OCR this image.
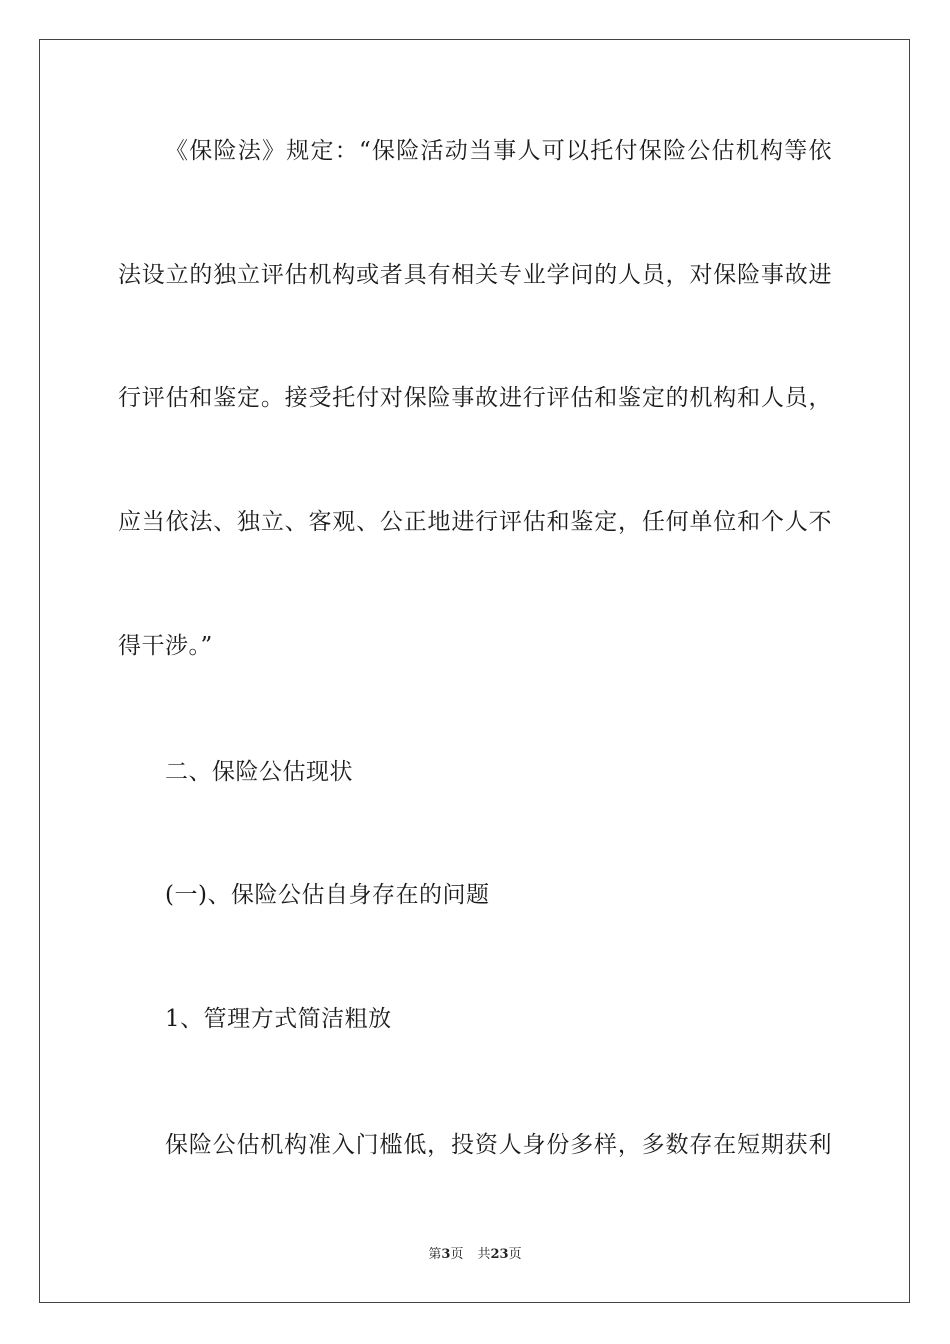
《保险法》规定：“保险活动当事人可以托付保险公估机构等依
法设立的独立评估机构或者具有相关专业学问的人员，对保险事故进
行评估和鉴定。接受托付对保险事故进行评估和鉴定的机构和人员，
应当依法、独立、客观、公正地进行评估和鉴定，任何单位和个人不
得干涉。”
二、保险公估现状
(一)、保险公估自身存在的问题
1、管理方式简洁粗放
保险公估机构准入门槛低，投资人身份多样，多数存在短期获利
第3页 共23页
